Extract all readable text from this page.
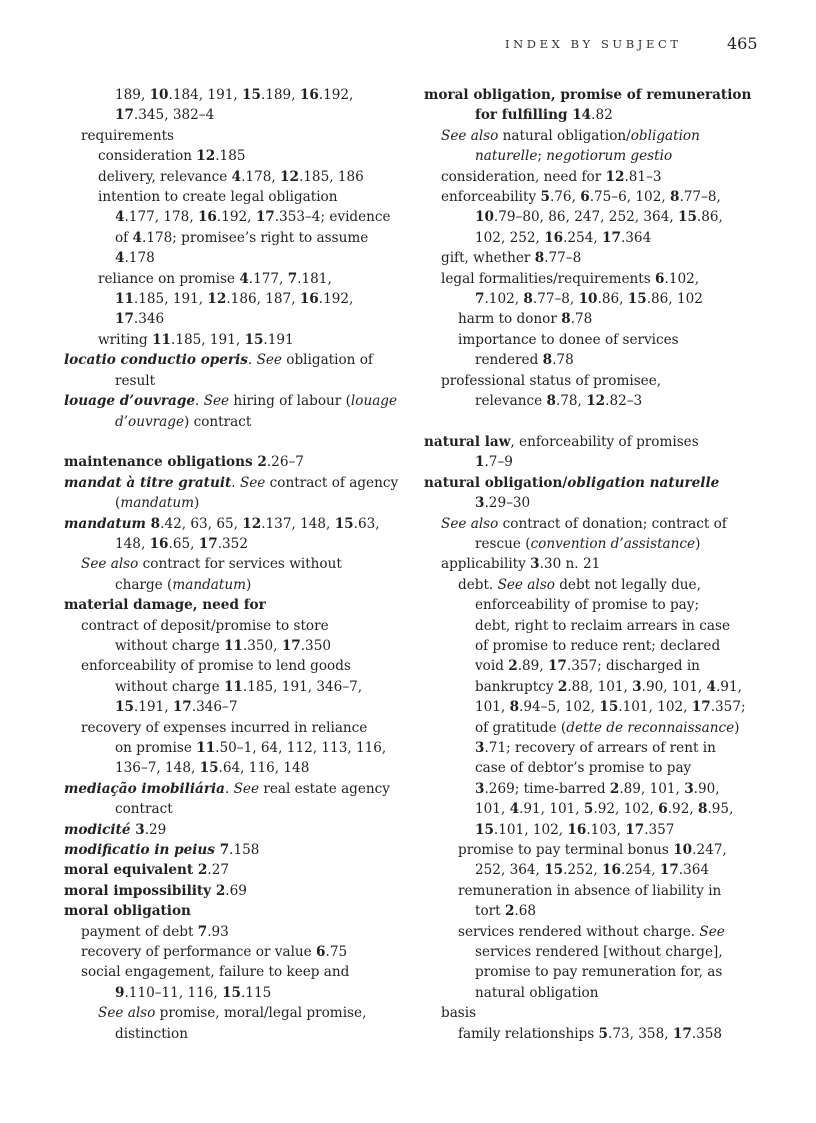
INDEX BY SUBJECT	465
189, 10.184, 191, 15.189, 16.192,
17.345, 382–4
requirements
consideration 12.185
delivery, relevance 4.178, 12.185, 186
intention to create legal obligation
4.177, 178, 16.192, 17.353–4; evidence
of 4.178; promisee’s right to assume
4.178
reliance on promise 4.177, 7.181,
11.185, 191, 12.186, 187, 16.192,
17.346
writing 11.185, 191, 15.191
locatio conductio operis. See obligation of
result
louage d’ouvrage. See hiring of labour (louage
d’ouvrage) contract
maintenance obligations 2.26–7
mandat à titre gratuit. See contract of agency
(mandatum)
mandatum 8.42, 63, 65, 12.137, 148, 15.63,
148, 16.65, 17.352
See also contract for services without
charge (mandatum)
material damage, need for
contract of deposit/promise to store
without charge 11.350, 17.350
enforceability of promise to lend goods
without charge 11.185, 191, 346–7,
15.191, 17.346–7
recovery of expenses incurred in reliance
on promise 11.50–1, 64, 112, 113, 116,
136–7, 148, 15.64, 116, 148
mediação imobiliária. See real estate agency
contract
modicité 3.29
modificatio in peius 7.158
moral equivalent 2.27
moral impossibility 2.69
moral obligation
payment of debt 7.93
recovery of performance or value 6.75
social engagement, failure to keep and
9.110–11, 116, 15.115
See also promise, moral/legal promise,
distinction
moral obligation, promise of remuneration
for fulfilling 14.82
See also natural obligation/obligation
naturelle; negotiorum gestio
consideration, need for 12.81–3
enforceability 5.76, 6.75–6, 102, 8.77–8,
10.79–80, 86, 247, 252, 364, 15.86,
102, 252, 16.254, 17.364
gift, whether 8.77–8
legal formalities/requirements 6.102,
7.102, 8.77–8, 10.86, 15.86, 102
harm to donor 8.78
importance to donee of services
rendered 8.78
professional status of promisee,
relevance 8.78, 12.82–3
natural law, enforceability of promises
1.7–9
natural obligation/obligation naturelle
3.29–30
See also contract of donation; contract of
rescue (convention d’assistance)
applicability 3.30 n. 21
debt. See also debt not legally due,
enforceability of promise to pay;
debt, right to reclaim arrears in case
of promise to reduce rent; declared
void 2.89, 17.357; discharged in
bankruptcy 2.88, 101, 3.90, 101, 4.91,
101, 8.94–5, 102, 15.101, 102, 17.357;
of gratitude (dette de reconnaissance)
3.71; recovery of arrears of rent in
case of debtor’s promise to pay
3.269; time-barred 2.89, 101, 3.90,
101, 4.91, 101, 5.92, 102, 6.92, 8.95,
15.101, 102, 16.103, 17.357
promise to pay terminal bonus 10.247,
252, 364, 15.252, 16.254, 17.364
remuneration in absence of liability in
tort 2.68
services rendered without charge. See
services rendered [without charge],
promise to pay remuneration for, as
natural obligation
basis
family relationships 5.73, 358, 17.358
